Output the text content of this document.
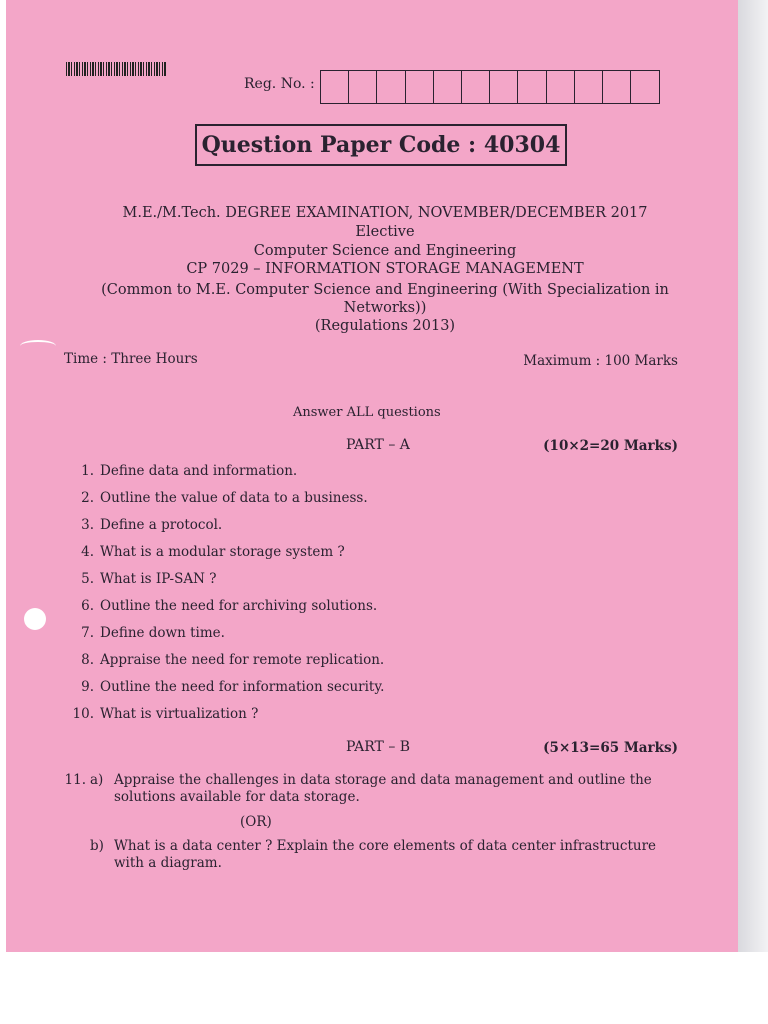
Reg. No. :
Question Paper Code : 40304
M.E./M.Tech. DEGREE EXAMINATION, NOVEMBER/DECEMBER 2017
Elective
Computer Science and Engineering
CP 7029 – INFORMATION STORAGE MANAGEMENT
(Common to M.E. Computer Science and Engineering (With Specialization in
Networks))
(Regulations 2013)
Time : Three Hours	Maximum : 100 Marks
Answer ALL questions
PART – A	(10×2=20 Marks)
1. Define data and information.
2. Outline the value of data to a business.
3. Define a protocol.
4. What is a modular storage system ?
5. What is IP-SAN ?
6. Outline the need for archiving solutions.
7. Define down time.
8. Appraise the need for remote replication.
9. Outline the need for information security.
10. What is virtualization ?
PART – B	(5×13=65 Marks)
11. a) Appraise the challenges in data storage and data management and outline the
solutions available for data storage.
(OR)
b) What is a data center ? Explain the core elements of data center infrastructure
with a diagram.
